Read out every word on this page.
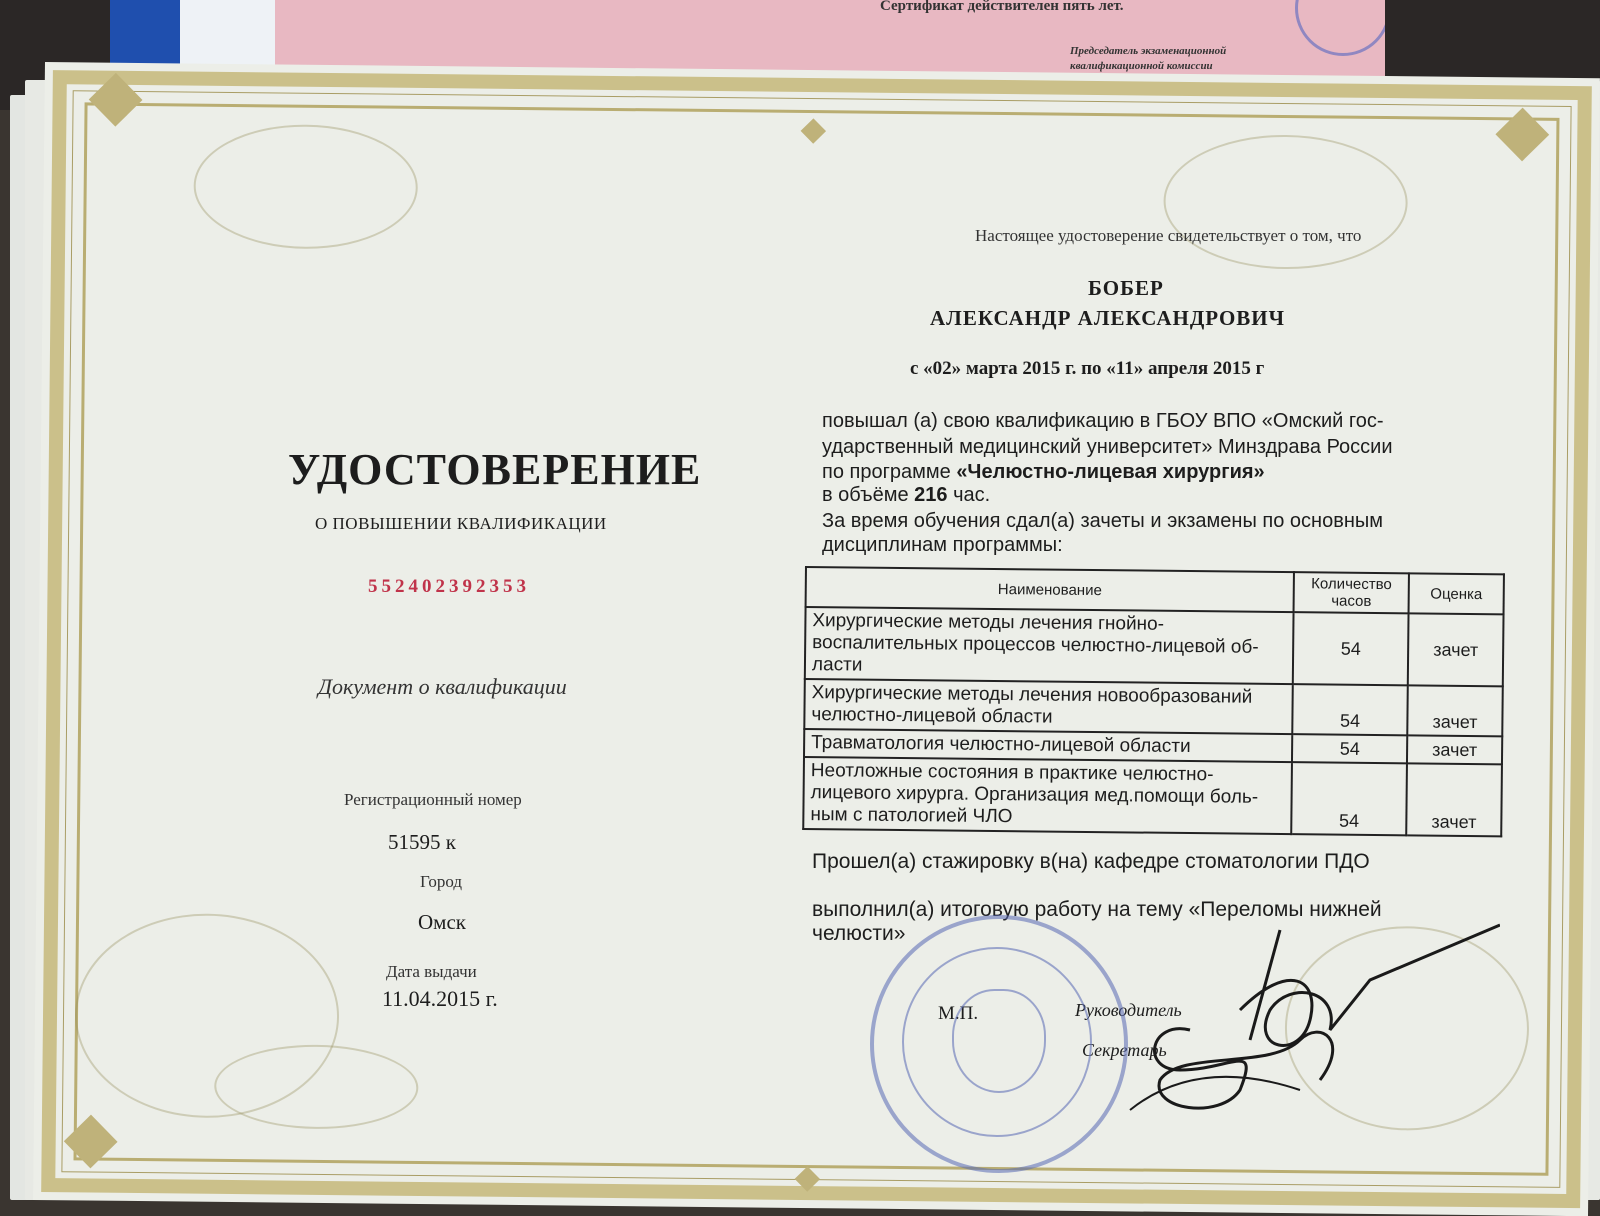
Сертификат действителен пять лет.
Председатель экзаменационной
квалификационной комиссии
УДОСТОВЕРЕНИЕ
О ПОВЫШЕНИИ КВАЛИФИКАЦИИ
552402392353
Документ о квалификации
Регистрационный номер
51595 к
Город
Омск
Дата выдачи
11.04.2015 г.
Настоящее удостоверение свидетельствует о том, что
БОБЕР
АЛЕКСАНДР АЛЕКСАНДРОВИЧ
с «02» марта 2015 г. по «11» апреля 2015 г
повышал (а) свою квалификацию в ГБОУ ВПО «Омский гос-
ударственный медицинский университет» Минздрава России
по программе «Челюстно-лицевая хирургия»
в объёме 216 час.
За время обучения сдал(а) зачеты и экзамены по основным
дисциплинам программы:
Наименование	Количество часов	Оценка
Хирургические методы лечения гнойно-воспалительных процессов челюстно-лицевой об-ласти	54	зачет
Хирургические методы лечения новообразований челюстно-лицевой области	54	зачет
Травматология челюстно-лицевой области	54	зачет
Неотложные состояния в практике челюстно-лицевого хирурга. Организация мед.помощи боль-ным с патологией ЧЛО	54	зачет
Прошел(а) стажировку в(на) кафедре стоматологии ПДО
выполнил(а) итоговую работу на тему «Переломы нижней
челюсти»
М.П.	Руководитель
Секретарь
